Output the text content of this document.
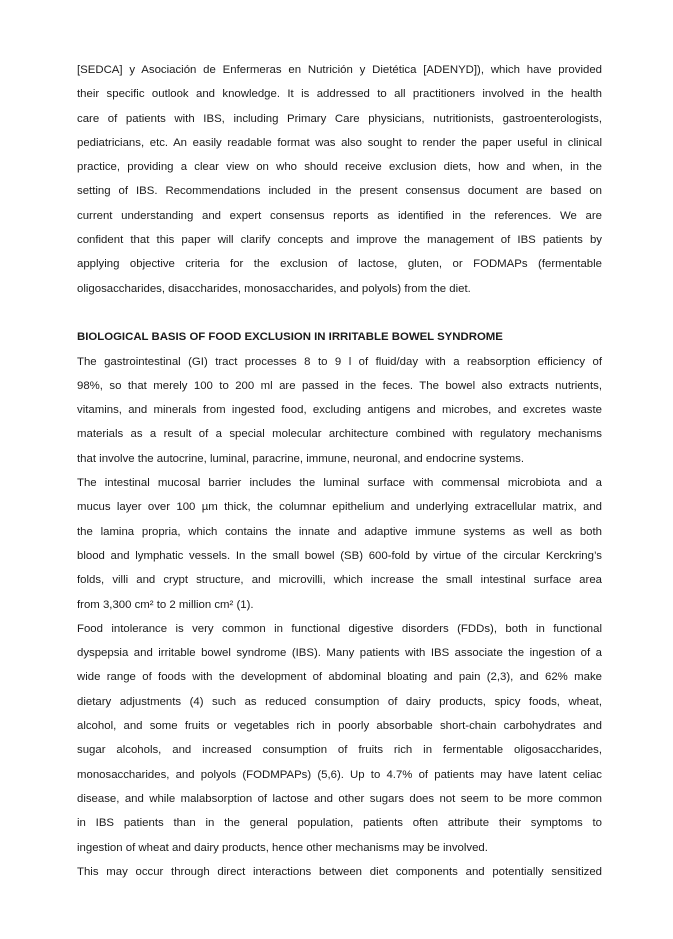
[SEDCA] y Asociación de Enfermeras en Nutrición y Dietética [ADENYD]), which have provided
their specific outlook and knowledge. It is addressed to all practitioners involved in the health
care of patients with IBS, including Primary Care physicians, nutritionists, gastroenterologists,
pediatricians, etc. An easily readable format was also sought to render the paper useful in clinical
practice, providing a clear view on who should receive exclusion diets, how and when, in the
setting of IBS. Recommendations included in the present consensus document are based on
current understanding and expert consensus reports as identified in the references. We are
confident that this paper will clarify concepts and improve the management of IBS patients by
applying objective criteria for the exclusion of lactose, gluten, or FODMAPs (fermentable
oligosaccharides, disaccharides, monosaccharides, and polyols) from the diet.
BIOLOGICAL BASIS OF FOOD EXCLUSION IN IRRITABLE BOWEL SYNDROME
The gastrointestinal (GI) tract processes 8 to 9 l of fluid/day with a reabsorption efficiency of
98%, so that merely 100 to 200 ml are passed in the feces. The bowel also extracts nutrients,
vitamins, and minerals from ingested food, excluding antigens and microbes, and excretes waste
materials as a result of a special molecular architecture combined with regulatory mechanisms
that involve the autocrine, luminal, paracrine, immune, neuronal, and endocrine systems.
The intestinal mucosal barrier includes the luminal surface with commensal microbiota and a
mucus layer over 100 µm thick, the columnar epithelium and underlying extracellular matrix, and
the lamina propria, which contains the innate and adaptive immune systems as well as both
blood and lymphatic vessels. In the small bowel (SB) 600-fold by virtue of the circular Kerckring’s
folds, villi and crypt structure, and microvilli, which increase the small intestinal surface area
from 3,300 cm² to 2 million cm² (1).
Food intolerance is very common in functional digestive disorders (FDDs), both in functional
dyspepsia and irritable bowel syndrome (IBS). Many patients with IBS associate the ingestion of a
wide range of foods with the development of abdominal bloating and pain (2,3), and 62% make
dietary adjustments (4) such as reduced consumption of dairy products, spicy foods, wheat,
alcohol, and some fruits or vegetables rich in poorly absorbable short-chain carbohydrates and
sugar alcohols, and increased consumption of fruits rich in fermentable oligosaccharides,
monosaccharides, and polyols (FODMPAPs) (5,6). Up to 4.7% of patients may have latent celiac
disease, and while malabsorption of lactose and other sugars does not seem to be more common
in IBS patients than in the general population, patients often attribute their symptoms to
ingestion of wheat and dairy products, hence other mechanisms may be involved.
This may occur through direct interactions between diet components and potentially sensitized
